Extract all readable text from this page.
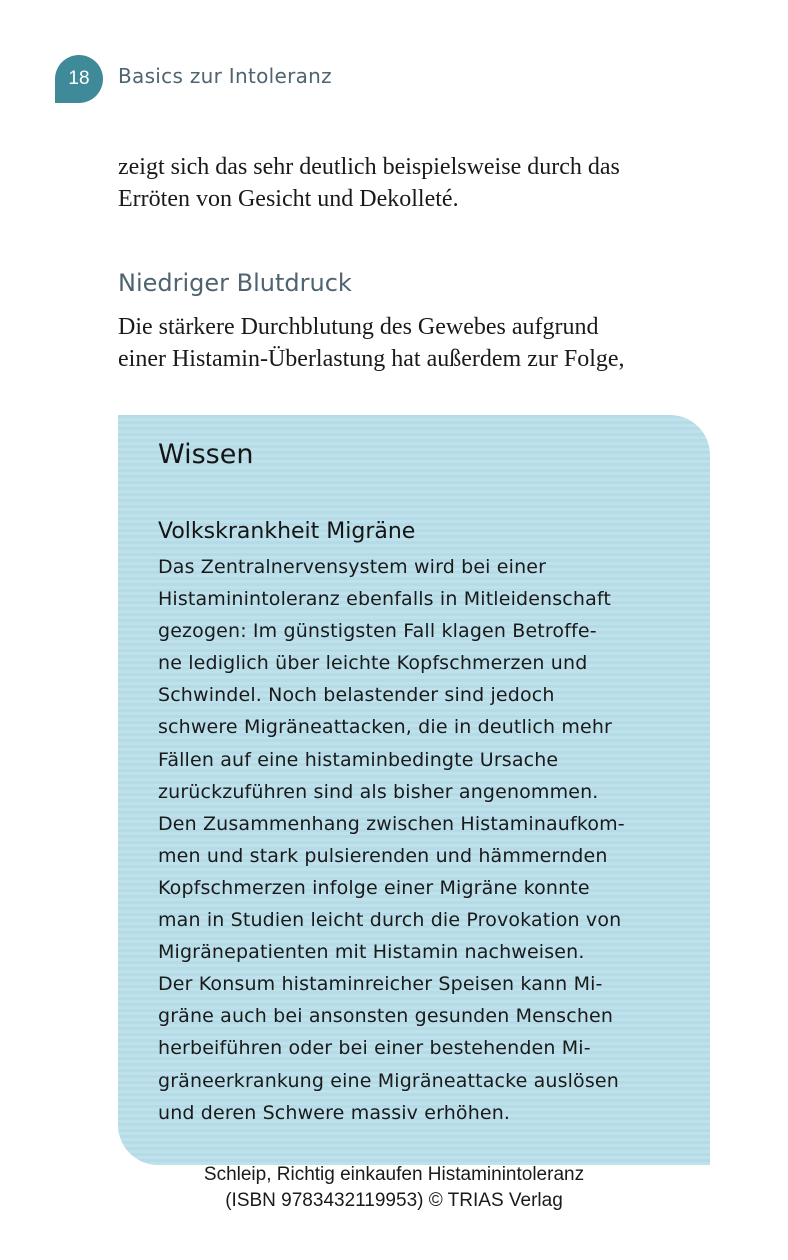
18	Basics zur Intoleranz
zeigt sich das sehr deutlich beispielsweise durch das
Erröten von Gesicht und Dekolleté.
Niedriger Blutdruck
Die stärkere Durchblutung des Gewebes aufgrund
einer Histamin-Überlastung hat außerdem zur Folge,
Wissen
Volkskrankheit Migräne
Das Zentralnervensystem wird bei einer
Histaminintoleranz ebenfalls in Mitleidenschaft
gezogen: Im günstigsten Fall klagen Betroffe-
ne lediglich über leichte Kopfschmerzen und
Schwindel. Noch belastender sind jedoch
schwere Migräneattacken, die in deutlich mehr
Fällen auf eine histaminbedingte Ursache
zurückzuführen sind als bisher angenommen.
Den Zusammenhang zwischen Histaminaufkom-
men und stark pulsierenden und hämmernden
Kopfschmerzen infolge einer Migräne konnte
man in Studien leicht durch die Provokation von
Migränepatienten mit Histamin nachweisen.
Der Konsum histaminreicher Speisen kann Mi-
gräne auch bei ansonsten gesunden Menschen
herbeiführen oder bei einer bestehenden Mi-
gräneerkrankung eine Migräneattacke auslösen
und deren Schwere massiv erhöhen.
Schleip, Richtig einkaufen Histaminintoleranz
(ISBN 9783432119953) © TRIAS Verlag
